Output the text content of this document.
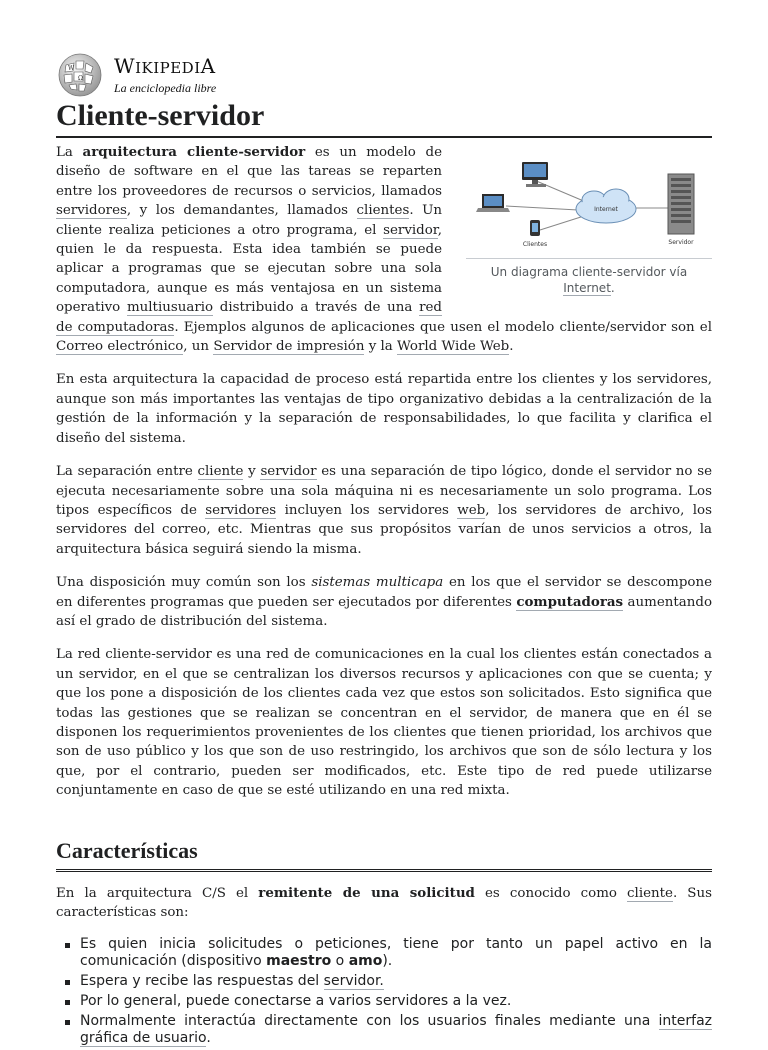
W
Ω
WIKIPEDIA
La enciclopedia libre
Cliente-servidor
Internet
Clientes	Servidor
Un diagrama cliente-servidor vía Internet.

La arquitectura cliente-servidor es un modelo de diseño de software en el que las tareas se reparten entre los proveedores de recursos o servicios, llamados servidores, y los demandantes, llamados clientes. Un cliente realiza peticiones a otro programa, el servidor, quien le da respuesta. Esta idea también se puede aplicar a programas que se ejecutan sobre una sola computadora, aunque es más ventajosa en un sistema operativo multiusuario distribuido a través de una red de computadoras. Ejemplos algunos de aplicaciones que usen el modelo cliente/servidor son el Correo electrónico, un Servidor de impresión y la World Wide Web.

En esta arquitectura la capacidad de proceso está repartida entre los clientes y los servidores, aunque son más importantes las ventajas de tipo organizativo debidas a la centralización de la gestión de la información y la separación de responsabilidades, lo que facilita y clarifica el diseño del sistema.

La separación entre cliente y servidor es una separación de tipo lógico, donde el servidor no se ejecuta necesariamente sobre una sola máquina ni es necesariamente un solo programa. Los tipos específicos de servidores incluyen los servidores web, los servidores de archivo, los servidores del correo, etc. Mientras que sus propósitos varían de unos servicios a otros, la arquitectura básica seguirá siendo la misma.

Una disposición muy común son los sistemas multicapa en los que el servidor se descompone en diferentes programas que pueden ser ejecutados por diferentes computadoras aumentando así el grado de distribución del sistema.

La red cliente-servidor es una red de comunicaciones en la cual los clientes están conectados a un servidor, en el que se centralizan los diversos recursos y aplicaciones con que se cuenta; y que los pone a disposición de los clientes cada vez que estos son solicitados. Esto significa que todas las gestiones que se realizan se concentran en el servidor, de manera que en él se disponen los requerimientos provenientes de los clientes que tienen prioridad, los archivos que son de uso público y los que son de uso restringido, los archivos que son de sólo lectura y los que, por el contrario, pueden ser modificados, etc. Este tipo de red puede utilizarse conjuntamente en caso de que se esté utilizando en una red mixta.

Características

En la arquitectura C/S el remitente de una solicitud es conocido como cliente. Sus características son:

Es quien inicia solicitudes o peticiones, tiene por tanto un papel activo en la comunicación (dispositivo maestro o amo).
Espera y recibe las respuestas del servidor.
Por lo general, puede conectarse a varios servidores a la vez.
Normalmente interactúa directamente con los usuarios finales mediante una interfaz gráfica de usuario.
